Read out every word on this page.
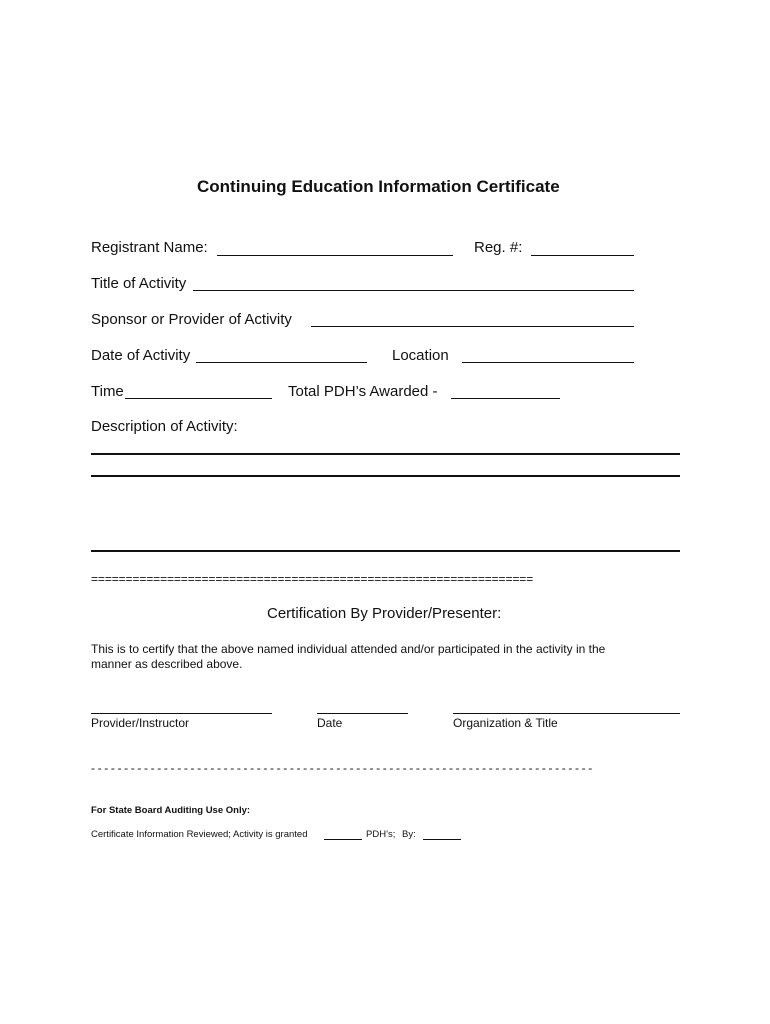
Continuing Education Information Certificate
Registrant Name:	Reg. #:
Title of Activity
Sponsor or Provider of Activity
Date of Activity	Location
Time	Total PDH’s Awarded -
Description of Activity:
================================================================
Certification By Provider/Presenter:
This is to certify that the above named individual attended and/or participated in the activity in the
manner as described above.
Provider/Instructor	Date	Organization & Title
- - - - - - - - - - - - - - - - - - - - - - - - - - - - - - - - - - - - - - - - - - - - - - - - - - - - - - - - - - - - - - - - - - - - - - - - - - - -
For State Board Auditing Use Only:
Certificate Information Reviewed; Activity is granted	PDH’s; By:
